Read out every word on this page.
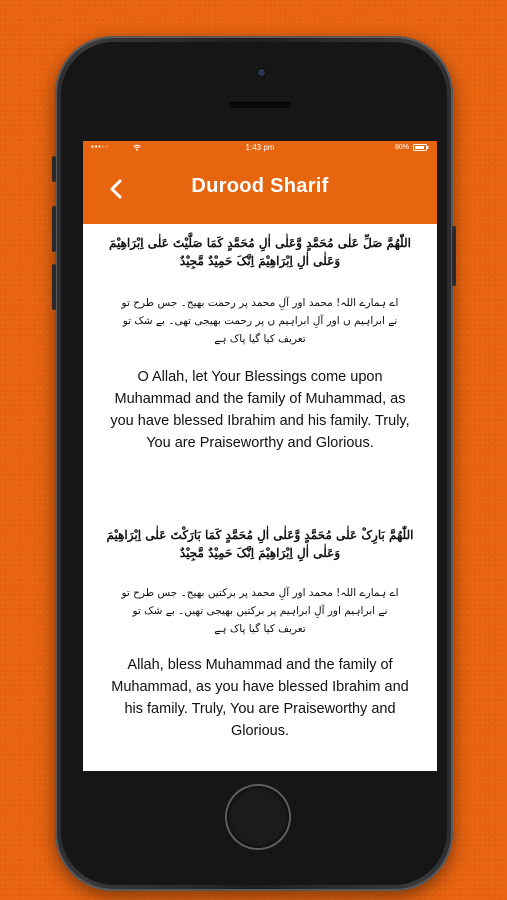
●●●○○	1:43 pm	80%
Durood Sharif
اللّٰھُمَّ صَلِّ عَلٰی مُحَمَّدٍ وَّعَلٰی اٰلِ مُحَمَّدٍ کَمَا صَلَّیْتَ عَلٰی اِبْرَاھِیْمَ
وَعَلٰی اٰلِ اِبْرَاھِیْمَ اِنَّکَ حَمِیْدٌ مَّجِیْدٌ
اے ہمارے اللہ! محمد اور آلِ محمد پر رحمت بھیج۔ جس طرح تو
نے ابراہیم ں اور آلِ ابراہیم ں پر رحمت بھیجی تھی۔ بے شک تو
تعریف کیا گیا پاک ہے
O Allah, let Your Blessings come upon
Muhammad and the family of Muhammad, as
you have blessed Ibrahim and his family. Truly,
You are Praiseworthy and Glorious.
اللّٰھُمَّ بَارِکْ عَلٰی مُحَمَّدٍ وَّعَلٰی اٰلِ مُحَمَّدٍ کَمَا بَارَکْتَ عَلٰی اِبْرَاھِیْمَ
وَعَلٰی اٰلِ اِبْرَاھِیْمَ اِنَّکَ حَمِیْدٌ مَّجِیْدٌ
اے ہمارے اللہ! محمد اور آلِ محمد پر برکتیں بھیج۔ جس طرح تو
نے ابراہیم اور آلِ ابراہیم پر برکتیں بھیجی تھیں۔ بے شک تو
تعریف کیا گیا پاک ہے
Allah, bless Muhammad and the family of
Muhammad, as you have blessed Ibrahim and
his family. Truly, You are Praiseworthy and
Glorious.
